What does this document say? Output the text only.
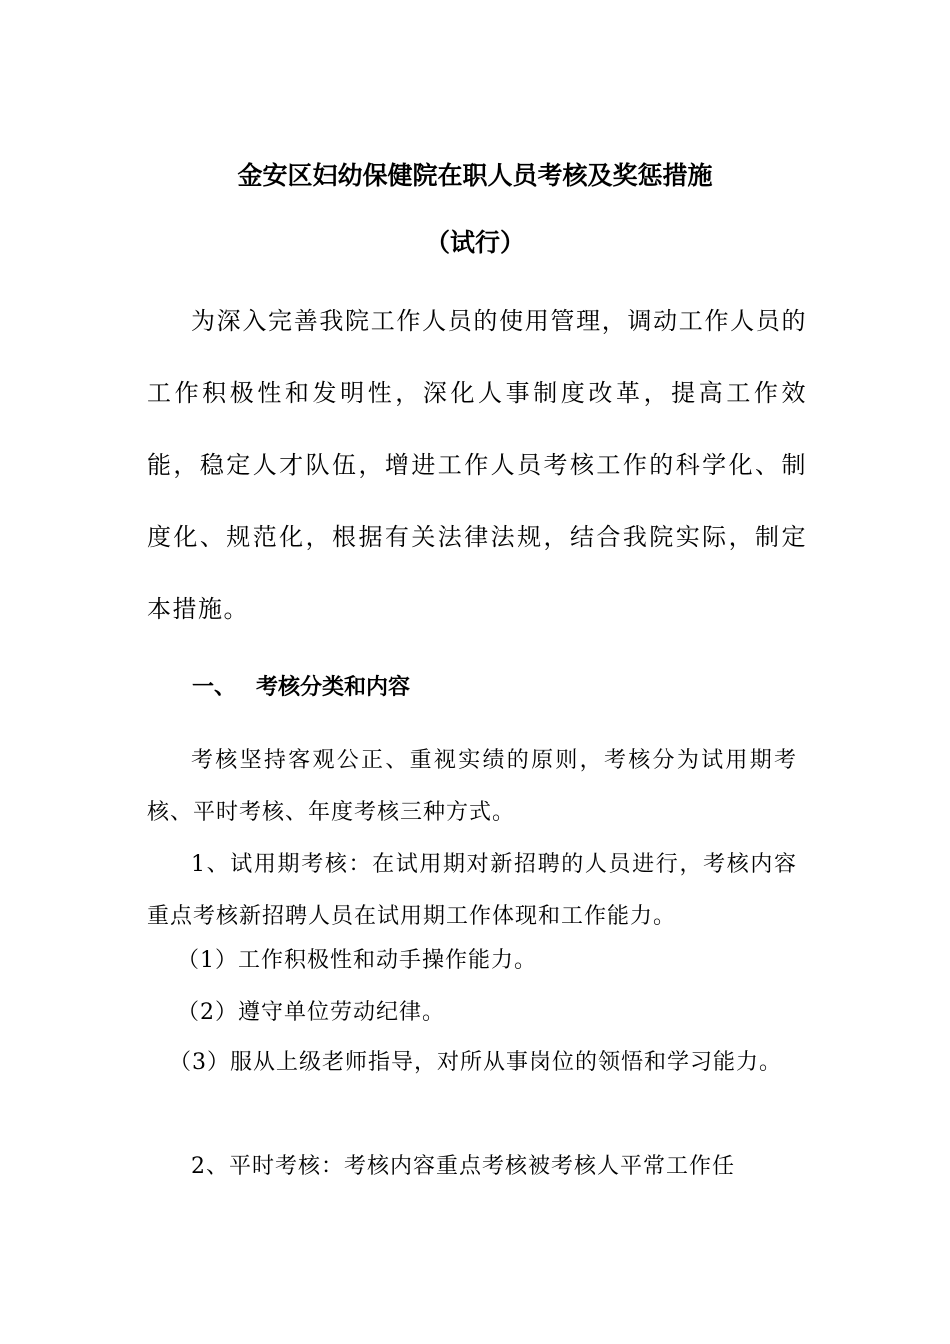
金安区妇幼保健院在职人员考核及奖惩措施
（试行）

为深入完善我院工作人员的使用管理，调动工作人员的工作积极性和发明性，深化人事制度改革，提高工作效能，稳定人才队伍，增进工作人员考核工作的科学化、制度化、规范化，根据有关法律法规，结合我院实际，制定本措施。

一、 考核分类和内容

考核坚持客观公正、重视实绩的原则，考核分为试用期考核、平时考核、年度考核三种方式。

1、试用期考核：在试用期对新招聘的人员进行，考核内容重点考核新招聘人员在试用期工作体现和工作能力。

（1）工作积极性和动手操作能力。

（2）遵守单位劳动纪律。

（3）服从上级老师指导，对所从事岗位的领悟和学习能力。

2、平时考核：考核内容重点考核被考核人平常工作任
